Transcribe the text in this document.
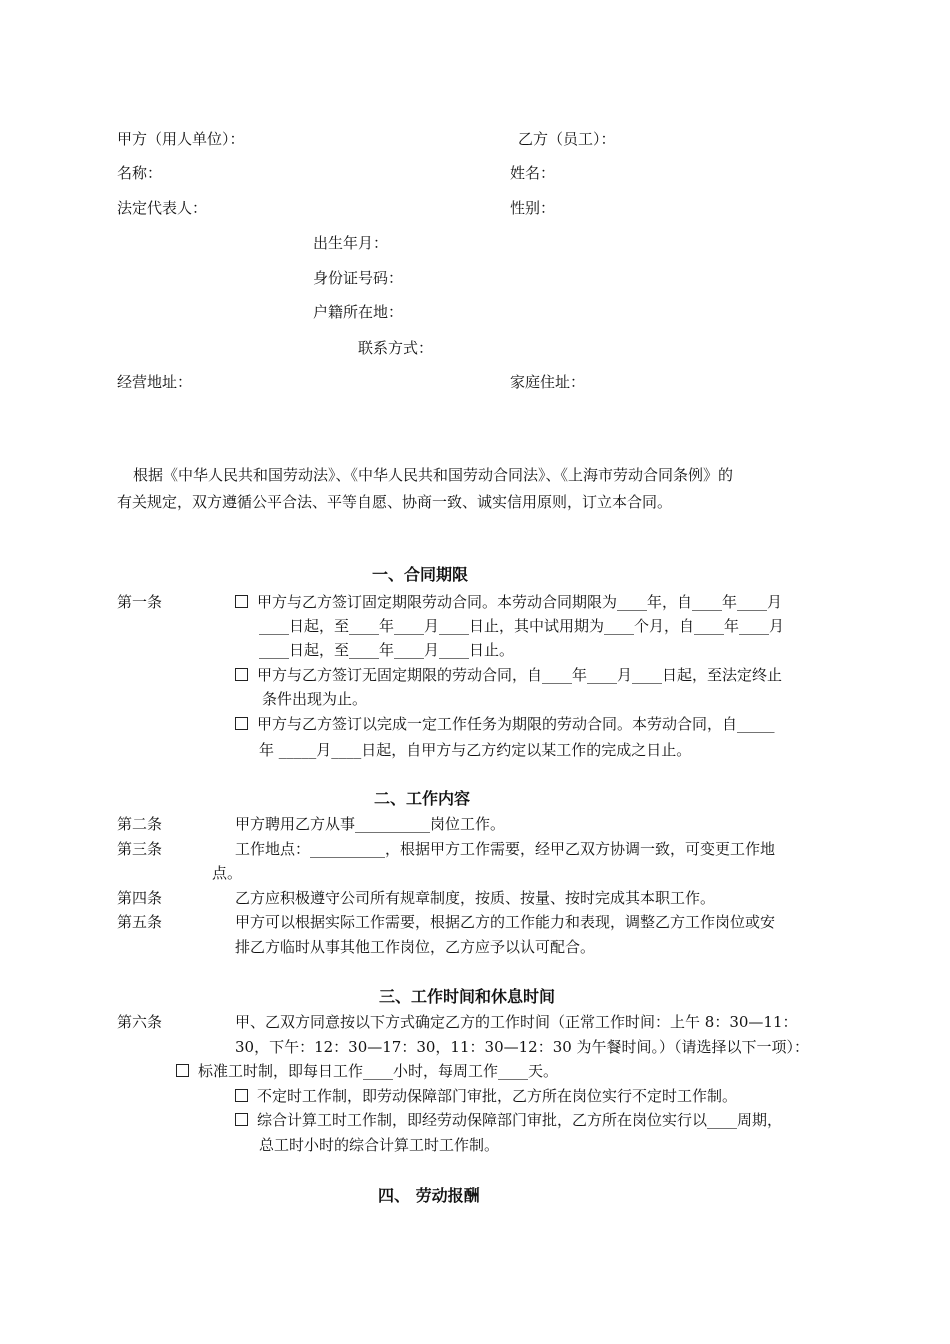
甲方（用人单位）：	乙方（员工）：
名称：	姓名：
法定代表人：	性别：
出生年月：
身份证号码：
户籍所在地：
联系方式：
经营地址：	家庭住址：
根据《中华人民共和国劳动法》、《中华人民共和国劳动合同法》、《上海市劳动合同条例》的
有关规定，双方遵循公平合法、平等自愿、协商一致、诚实信用原则，订立本合同。
一、合同期限
第一条	甲方与乙方签订固定期限劳动合同。本劳动合同期限为____年，自____年____月
____日起，至____年____月____日止，其中试用期为____个月，自____年____月
____日起，至____年____月____日止。
甲方与乙方签订无固定期限的劳动合同，自____年____月____日起，至法定终止
条件出现为止。
甲方与乙方签订以完成一定工作任务为期限的劳动合同。本劳动合同，自_____
年 _____月____日起，自甲方与乙方约定以某工作的完成之日止。
二、工作内容
第二条	甲方聘用乙方从事__________岗位工作。
第三条	工作地点：__________，根据甲方工作需要，经甲乙双方协调一致，可变更工作地
点。
第四条	乙方应积极遵守公司所有规章制度，按质、按量、按时完成其本职工作。
第五条	甲方可以根据实际工作需要，根据乙方的工作能力和表现，调整乙方工作岗位或安
排乙方临时从事其他工作岗位，乙方应予以认可配合。
三、工作时间和休息时间
第六条	甲、乙双方同意按以下方式确定乙方的工作时间（正常工作时间：上午 8：30—11：
30，下午：12：30—17：30，11：30—12：30 为午餐时间。）（请选择以下一项）：
标准工时制，即每日工作____小时，每周工作____天。
不定时工作制，即劳动保障部门审批，乙方所在岗位实行不定时工作制。
综合计算工时工作制，即经劳动保障部门审批，乙方所在岗位实行以____周期，
总工时小时的综合计算工时工作制。
四、 劳动报酬
